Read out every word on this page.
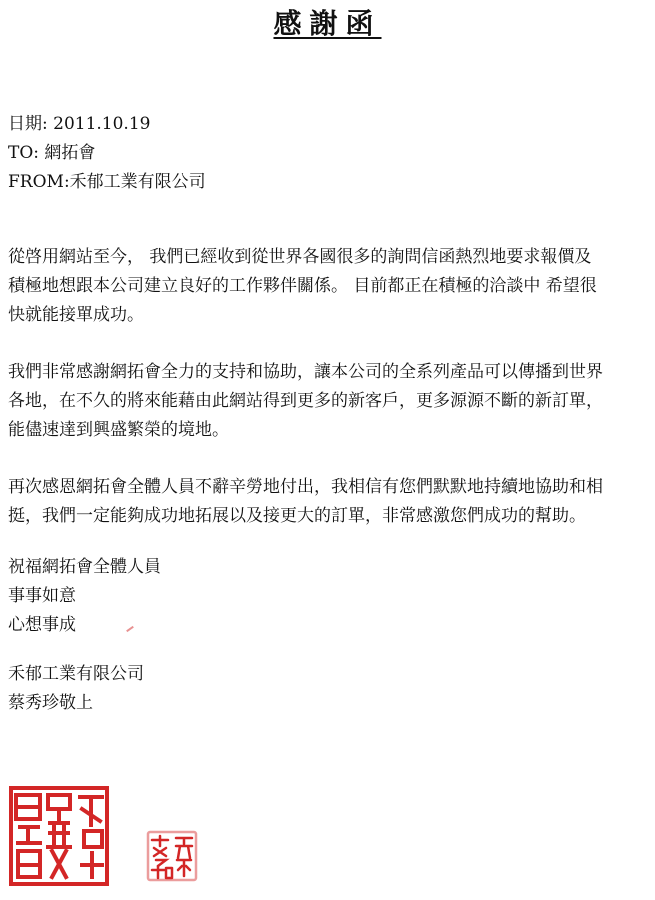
感謝函
日期: 2011.10.19
TO: 網拓會
FROM:禾郁工業有限公司

從啓用網站至今， 我們已經收到從世界各國很多的詢問信函熱烈地要求報價及
積極地想跟本公司建立良好的工作夥伴關係。 目前都正在積極的洽談中 希望很
快就能接單成功。

我們非常感謝網拓會全力的支持和協助，讓本公司的全系列產品可以傳播到世界
各地，在不久的將來能藉由此網站得到更多的新客戶，更多源源不斷的新訂單，
能儘速達到興盛繁榮的境地。

再次感恩網拓會全體人員不辭辛勞地付出，我相信有您們默默地持續地協助和相
挺，我們一定能夠成功地拓展以及接更大的訂單，非常感激您們成功的幫助。

祝福網拓會全體人員
事事如意
心想事成
禾郁工業有限公司
蔡秀珍敬上
